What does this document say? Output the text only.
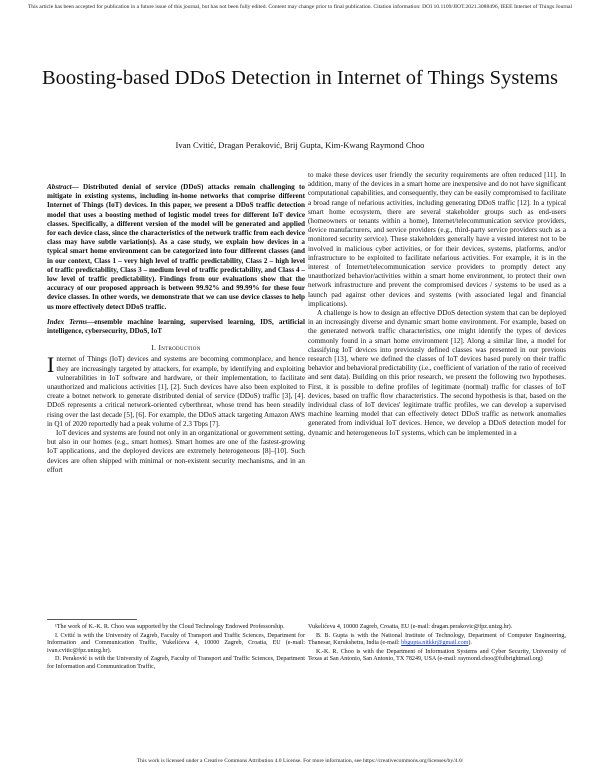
This article has been accepted for publication in a future issue of this journal, but has not been fully edited. Content may change prior to final publication. Citation information: DOI 10.1109/JIOT.2021.3088496, IEEE Internet of Things Journal
Boosting-based DDoS Detection in Internet of Things Systems
Ivan Cvitić, Dragan Peraković, Brij Gupta, Kim-Kwang Raymond Choo

Abstract— Distributed denial of service (DDoS) attacks remain challenging to mitigate in existing systems, including in-home networks that comprise different Internet of Things (IoT) devices. In this paper, we present a DDoS traffic detection model that uses a boosting method of logistic model trees for different IoT device classes. Specifically, a different version of the model will be generated and applied for each device class, since the characteristics of the network traffic from each device class may have subtle variation(s). As a case study, we explain how devices in a typical smart home environment can be categorized into four different classes (and in our context, Class 1 – very high level of traffic predictability, Class 2 – high level of traffic predictability, Class 3 – medium level of traffic predictability, and Class 4 – low level of traffic predictability). Findings from our evaluations show that the accuracy of our proposed approach is between 99.92% and 99.99% for these four device classes. In other words, we demonstrate that we can use device classes to help us more effectively detect DDoS traffic.

Index Terms—ensemble machine learning, supervised learning, IDS, artificial intelligence, cybersecurity, DDoS, IoT

I. Introduction

Internet of Things (IoT) devices and systems are becoming commonplace, and hence they are increasingly targeted by attackers, for example, by identifying and exploiting vulnerabilities in IoT software and hardware, or their implementation, to facilitate unauthorized and malicious activities [1], [2]. Such devices have also been exploited to create a botnet network to generate distributed denial of service (DDoS) traffic [3], [4]. DDoS represents a critical network-oriented cyberthreat, whose trend has been steadily rising over the last decade [5], [6]. For example, the DDoS attack targeting Amazon AWS in Q1 of 2020 reportedly had a peak volume of 2.3 Tbps [7].

IoT devices and systems are found not only in an organizational or government setting, but also in our homes (e.g., smart homes). Smart homes are one of the fastest-growing IoT applications, and the deployed devices are extremely heterogeneous [8]–[10]. Such devices are often shipped with minimal or non-existent security mechanisms, and in an effort

to make these devices user friendly the security requirements are often reduced [11]. In addition, many of the devices in a smart home are inexpensive and do not have significant computational capabilities, and consequently, they can be easily compromised to facilitate a broad range of nefarious activities, including generating DDoS traffic [12]. In a typical smart home ecosystem, there are several stakeholder groups such as end-users (homeowners or tenants within a home), Internet/telecommunication service providers, device manufacturers, and service providers (e.g., third-party service providers such as a monitored security service). These stakeholders generally have a vested interest not to be involved in malicious cyber activities, or for their devices, systems, platforms, and/or infrastructure to be exploited to facilitate nefarious activities. For example, it is in the interest of Internet/telecommunication service providers to promptly detect any unauthorized behavior/activities within a smart home environment, to protect their own network infrastructure and prevent the compromised devices / systems to be used as a launch pad against other devices and systems (with associated legal and financial implications).

A challenge is how to design an effective DDoS detection system that can be deployed in an increasingly diverse and dynamic smart home environment. For example, based on the generated network traffic characteristics, one might identify the types of devices commonly found in a smart home environment [12]. Along a similar line, a model for classifying IoT devices into previously defined classes was presented in our previous research [13], where we defined the classes of IoT devices based purely on their traffic behavior and behavioral predictability (i.e., coefficient of variation of the ratio of received and sent data). Building on this prior research, we present the following two hypotheses. First, it is possible to define profiles of legitimate (normal) traffic for classes of IoT devices, based on traffic flow characteristics. The second hypothesis is that, based on the individual class of IoT devices' legitimate traffic profiles, we can develop a supervised machine learning model that can effectively detect DDoS traffic as network anomalies generated from individual IoT devices. Hence, we develop a DDoS detection model for dynamic and heterogeneous IoT systems, which can be implemented in a

¹The work of K.-K. R. Choo was supported by the Cloud Technology Endowed Professorship.

I. Cvitić is with the University of Zagreb, Faculty of Transport and Traffic Sciences, Department for Information and Communication Traffic, Vukelićeva 4, 10000 Zagreb, Croatia, EU (e-mail: ivan.cvitic@fpz.unizg.hr).

D. Peraković is with the University of Zagreb, Faculty of Transport and Traffic Sciences, Department for Information and Communication Traffic,

Vukelićeva 4, 10000 Zagreb, Croatia, EU (e-mail: dragan.perakovic@fpz.unizg.hr).

B. B. Gupta is with the National Institute of Technology, Department of Computer Engineering, Thanesar, Kurukshetra, India (e-mail: bbgupta.nitkkr@gmail.com).

K.-K. R. Choo is with the Department of Information Systems and Cyber Security, University of Texas at San Antonio, San Antonio, TX 78249, USA (e-mail: raymond.choo@fulbrightmail.org)

This work is licensed under a Creative Commons Attribution 4.0 License. For more information, see https://creativecommons.org/licenses/by/4.0/
